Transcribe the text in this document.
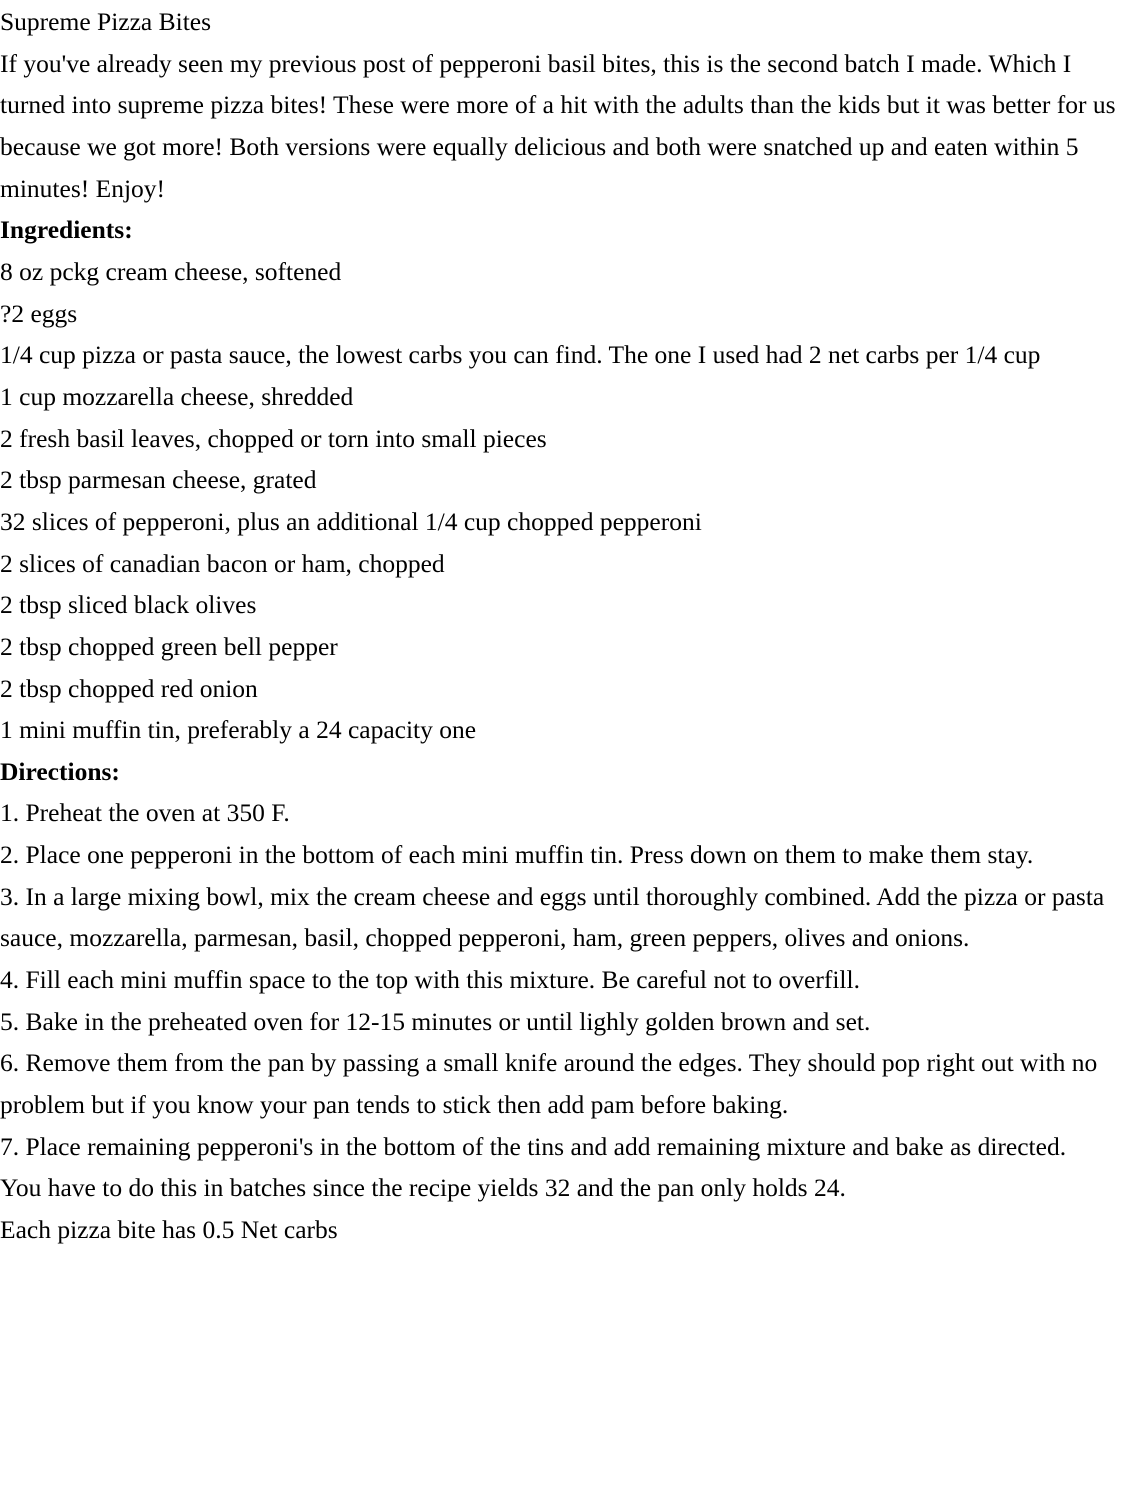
Supreme Pizza Bites

If you've already seen my previous post of pepperoni basil bites, this is the second batch I made. Which I turned into supreme pizza bites! These were more of a hit with the adults than the kids but it was better for us because we got more! Both versions were equally delicious and both were snatched up and eaten within 5 minutes! Enjoy!

Ingredients:

8 oz pckg cream cheese, softened

?2 eggs

1/4 cup pizza or pasta sauce, the lowest carbs you can find. The one I used had 2 net carbs per 1/4 cup

1 cup mozzarella cheese, shredded

2 fresh basil leaves, chopped or torn into small pieces

2 tbsp parmesan cheese, grated

32 slices of pepperoni, plus an additional 1/4 cup chopped pepperoni

2 slices of canadian bacon or ham, chopped

2 tbsp sliced black olives

2 tbsp chopped green bell pepper

2 tbsp chopped red onion

1 mini muffin tin, preferably a 24 capacity one

Directions:

1. Preheat the oven at 350 F.

2. Place one pepperoni in the bottom of each mini muffin tin. Press down on them to make them stay.

3. In a large mixing bowl, mix the cream cheese and eggs until thoroughly combined. Add the pizza or pasta sauce, mozzarella, parmesan, basil, chopped pepperoni, ham, green peppers, olives and onions.

4. Fill each mini muffin space to the top with this mixture. Be careful not to overfill.

5. Bake in the preheated oven for 12-15 minutes or until lighly golden brown and set.

6. Remove them from the pan by passing a small knife around the edges. They should pop right out with no problem but if you know your pan tends to stick then add pam before baking.

7. Place remaining pepperoni's in the bottom of the tins and add remaining mixture and bake as directed.

You have to do this in batches since the recipe yields 32 and the pan only holds 24.

Each pizza bite has 0.5 Net carbs
